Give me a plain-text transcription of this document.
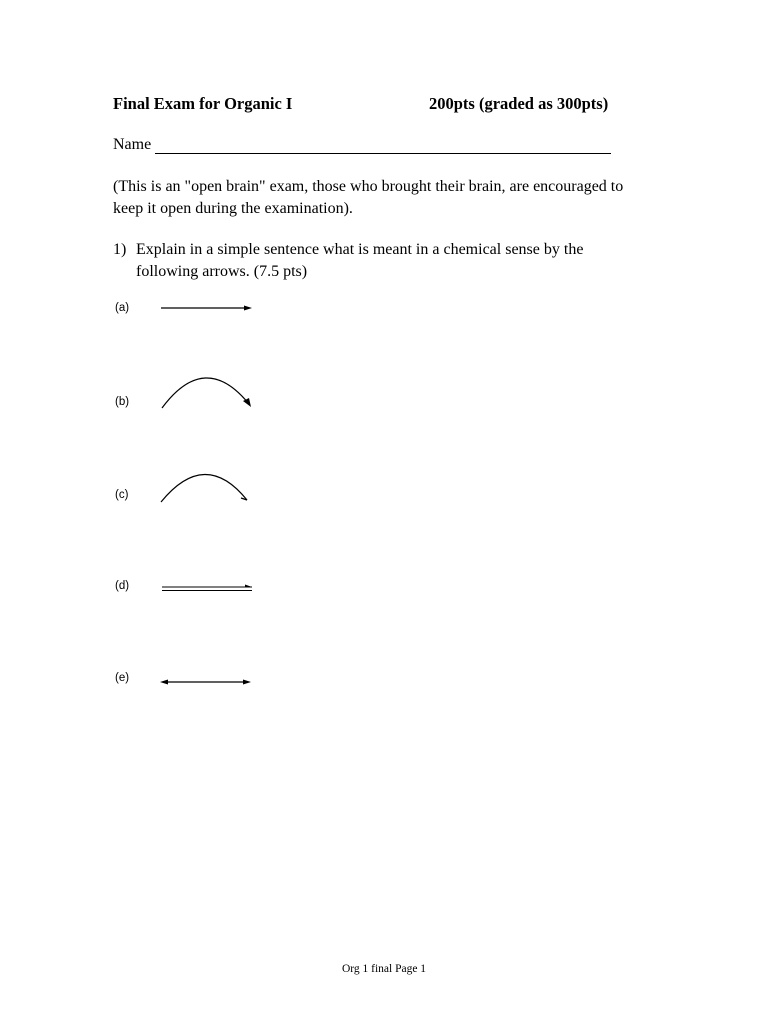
Final Exam for Organic I	200pts (graded as 300pts)
Name

(This is an "open brain" exam, those who brought their brain, are encouraged to keep it open during the examination).

1) Explain in a simple sentence what is meant in a chemical sense by the following arrows. (7.5 pts)

(a)
(b)
(c)
(d)
(e)
Org 1 final Page 1
